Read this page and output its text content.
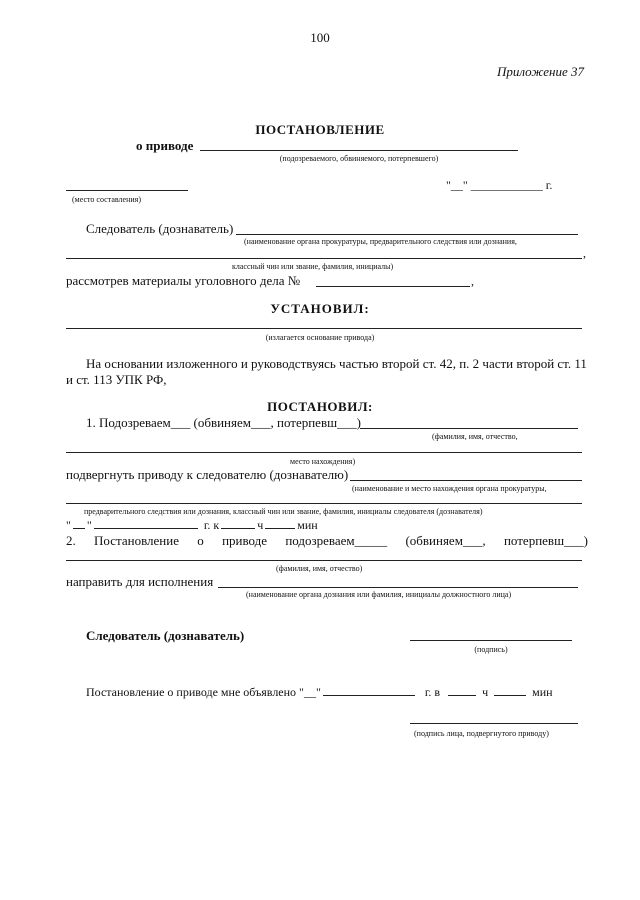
100
Приложение 37
ПОСТАНОВЛЕНИЕ
о приводе
(подозреваемого, обвиняемого, потерпевшего)
"__" ____________ г.
(место составления)
Следователь (дознаватель)
(наименование органа прокуратуры, предварительного следствия или дознания,
,
классный чин или звание, фамилия, инициалы)
рассмотрев материалы уголовного дела №	,
УСТАНОВИЛ:
(излагается основание привода)
На основании изложенного и руководствуясь частью второй ст. 42, п. 2 части второй ст. 11
и ст. 113 УПК РФ,
ПОСТАНОВИЛ:
1. Подозреваем___ (обвиняем___, потерпевш___)
(фамилия, имя, отчество,
место нахождения)
подвергнуть приводу к следователю (дознавателю)
(наименование и место нахождения органа прокуратуры,
предварительного следствия или дознания, классный чин или звание, фамилия, инициалы следователя (дознавателя)
" "	г. к	ч	мин
2. Постановление о приводе подозреваем_____ (обвиняем___, потерпевш___)
(фамилия, имя, отчество)
направить для исполнения
(наименование органа дознания или фамилия, инициалы должностного лица)
Следователь (дознаватель)
(подпись)
Постановление о приводе мне объявлено "__"	г. в	ч	мин
(подпись лица, подвергнутого приводу)
